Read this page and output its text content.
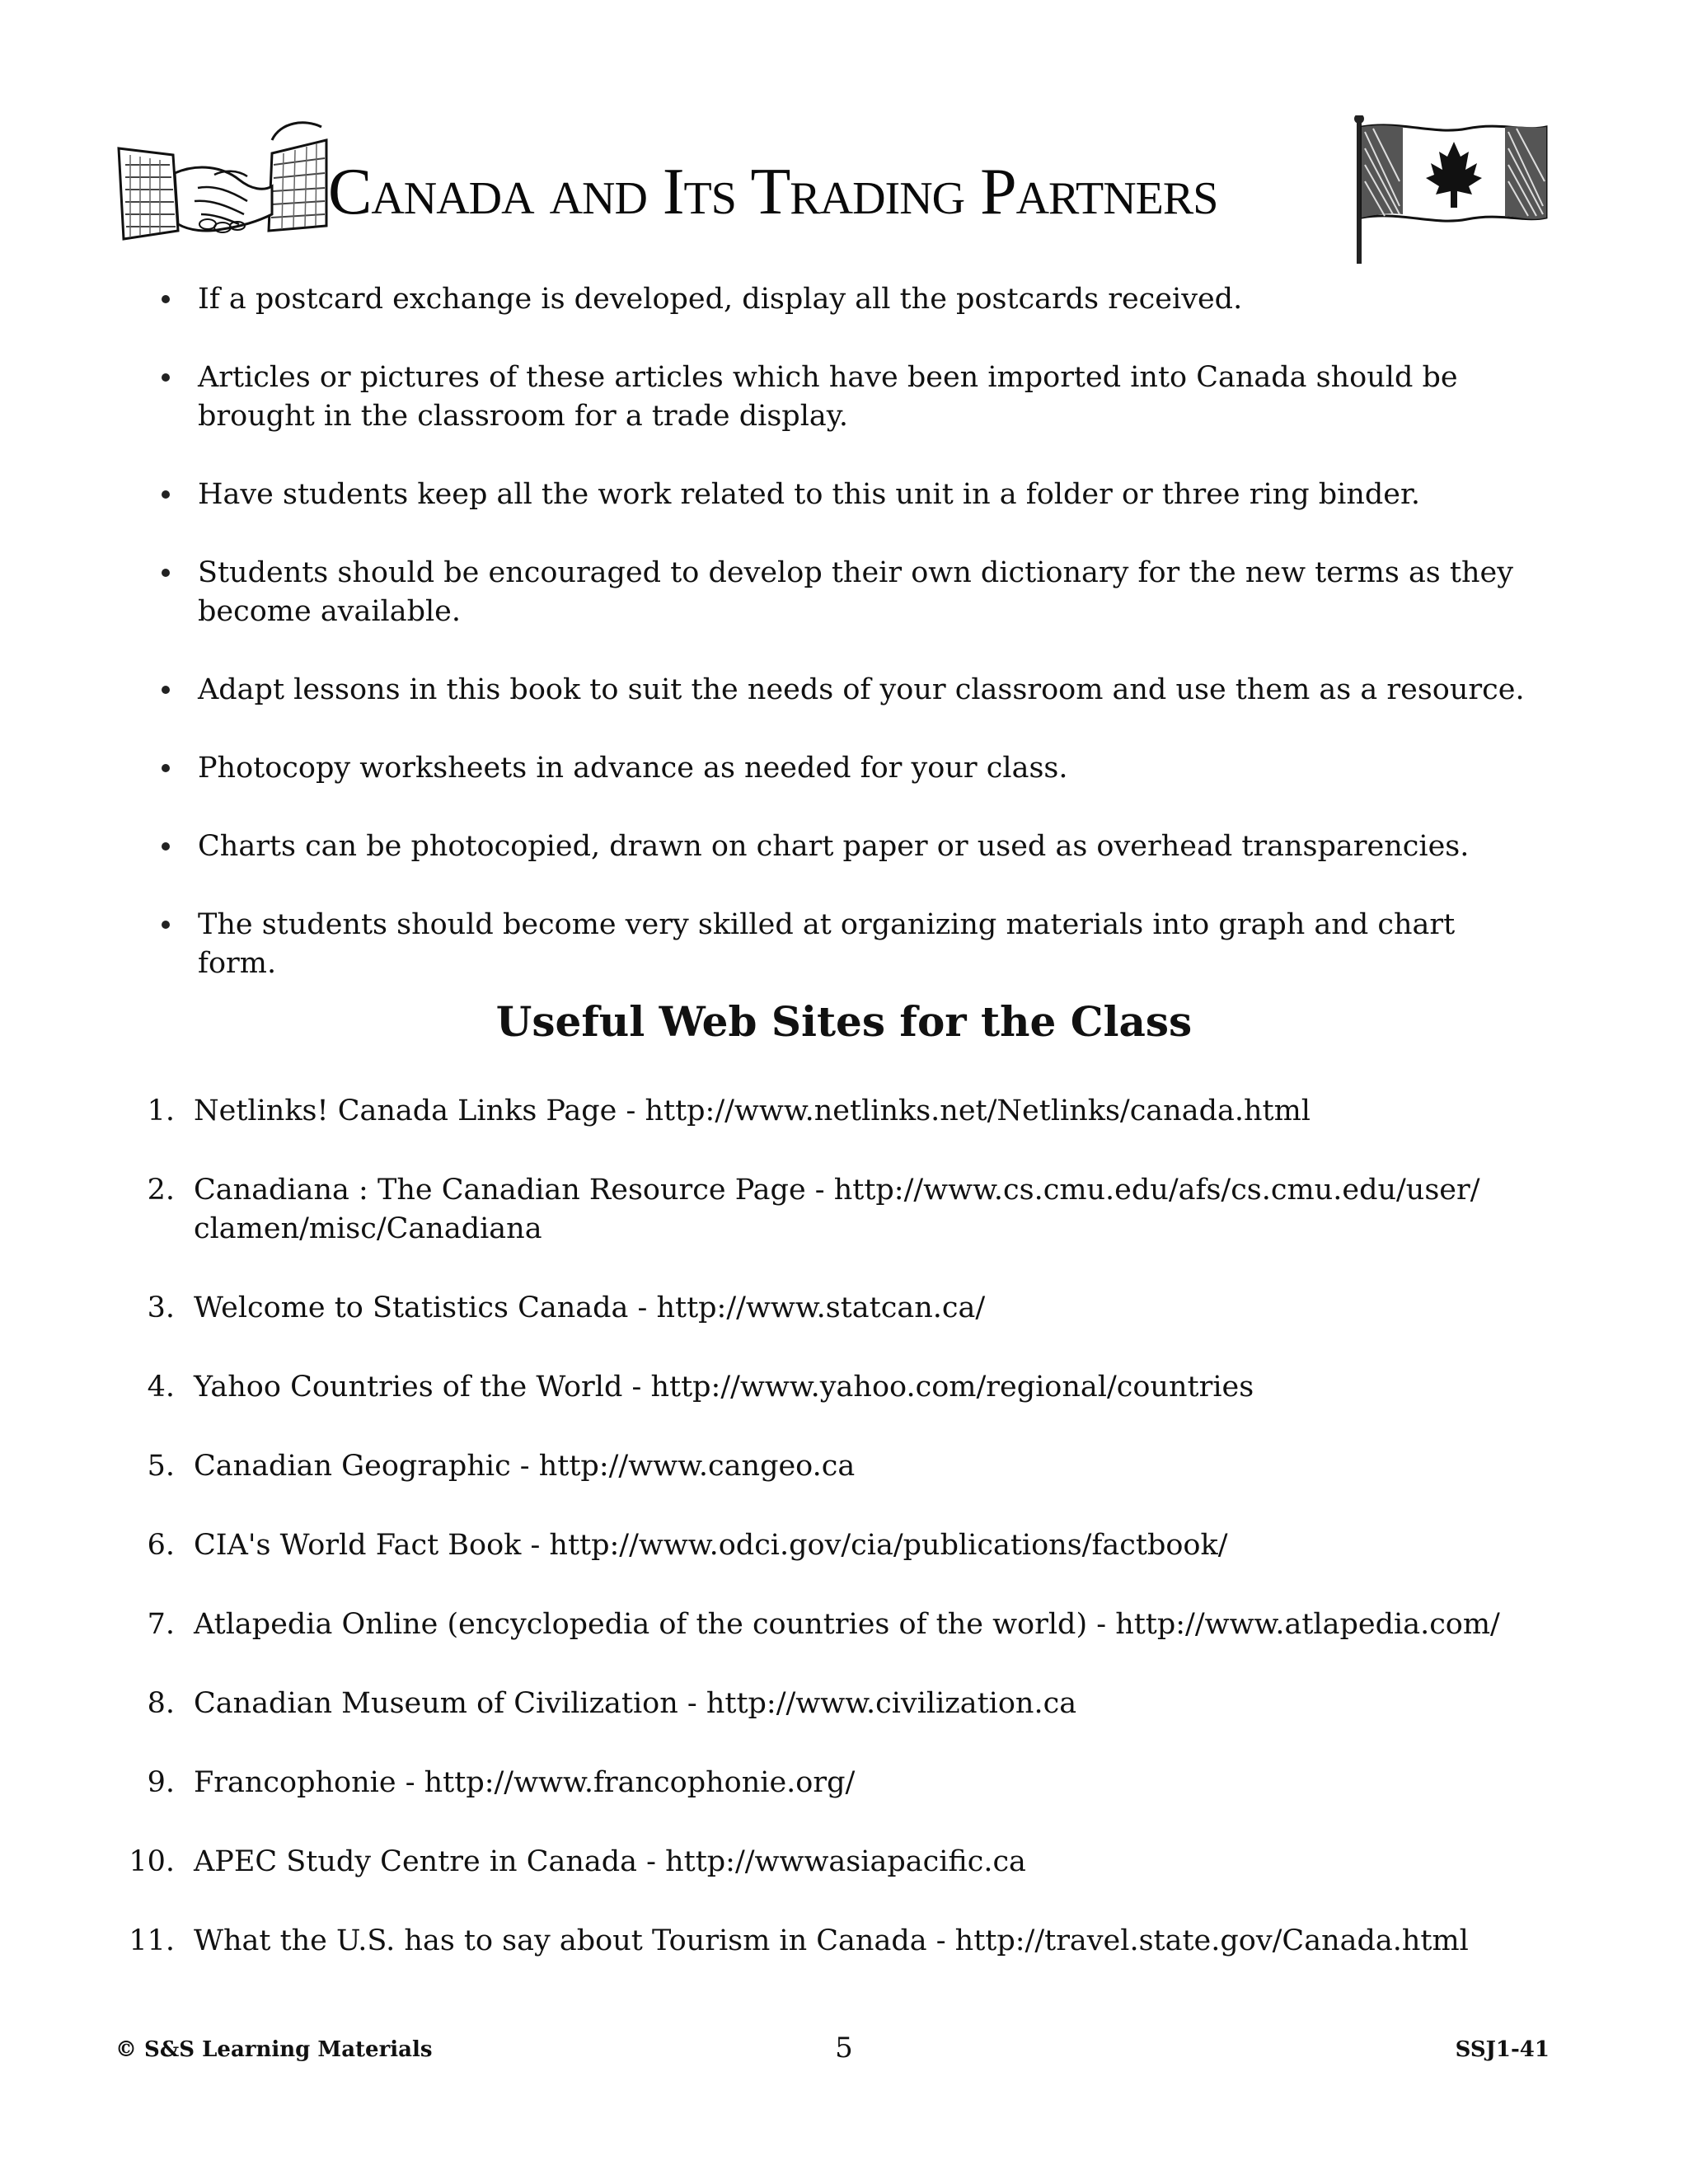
Canada and Its Trading Partners
If a postcard exchange is developed, display all the postcards received.
Articles or pictures of these articles which have been imported into Canada should be brought in the classroom for a trade display.
Have students keep all the work related to this unit in a folder or three ring binder.
Students should be encouraged to develop their own dictionary for the new terms as they become available.
Adapt lessons in this book to suit the needs of your classroom and use them as a resource.
Photocopy worksheets in advance as needed for your class.
Charts can be photocopied, drawn on chart paper or used as overhead transparencies.
The students should become very skilled at organizing materials into graph and chart form.
Useful Web Sites for the Class
1. Netlinks! Canada Links Page - http://www.netlinks.net/Netlinks/canada.html
2. Canadiana : The Canadian Resource Page - http://www.cs.cmu.edu/afs/cs.cmu.edu/user/ clamen/misc/Canadiana
3. Welcome to Statistics Canada - http://www.statcan.ca/
4. Yahoo Countries of the World - http://www.yahoo.com/regional/countries
5. Canadian Geographic - http://www.cangeo.ca
6. CIA's World Fact Book - http://www.odci.gov/cia/publications/factbook/
7. Atlapedia Online (encyclopedia of the countries of the world) - http://www.atlapedia.com/
8. Canadian Museum of Civilization - http://www.civilization.ca
9. Francophonie - http://www.francophonie.org/
10. APEC Study Centre in Canada - http://wwwasiapacific.ca
11. What the U.S. has to say about Tourism in Canada - http://travel.state.gov/Canada.html
© S&S Learning Materials	5	SSJ1-41
